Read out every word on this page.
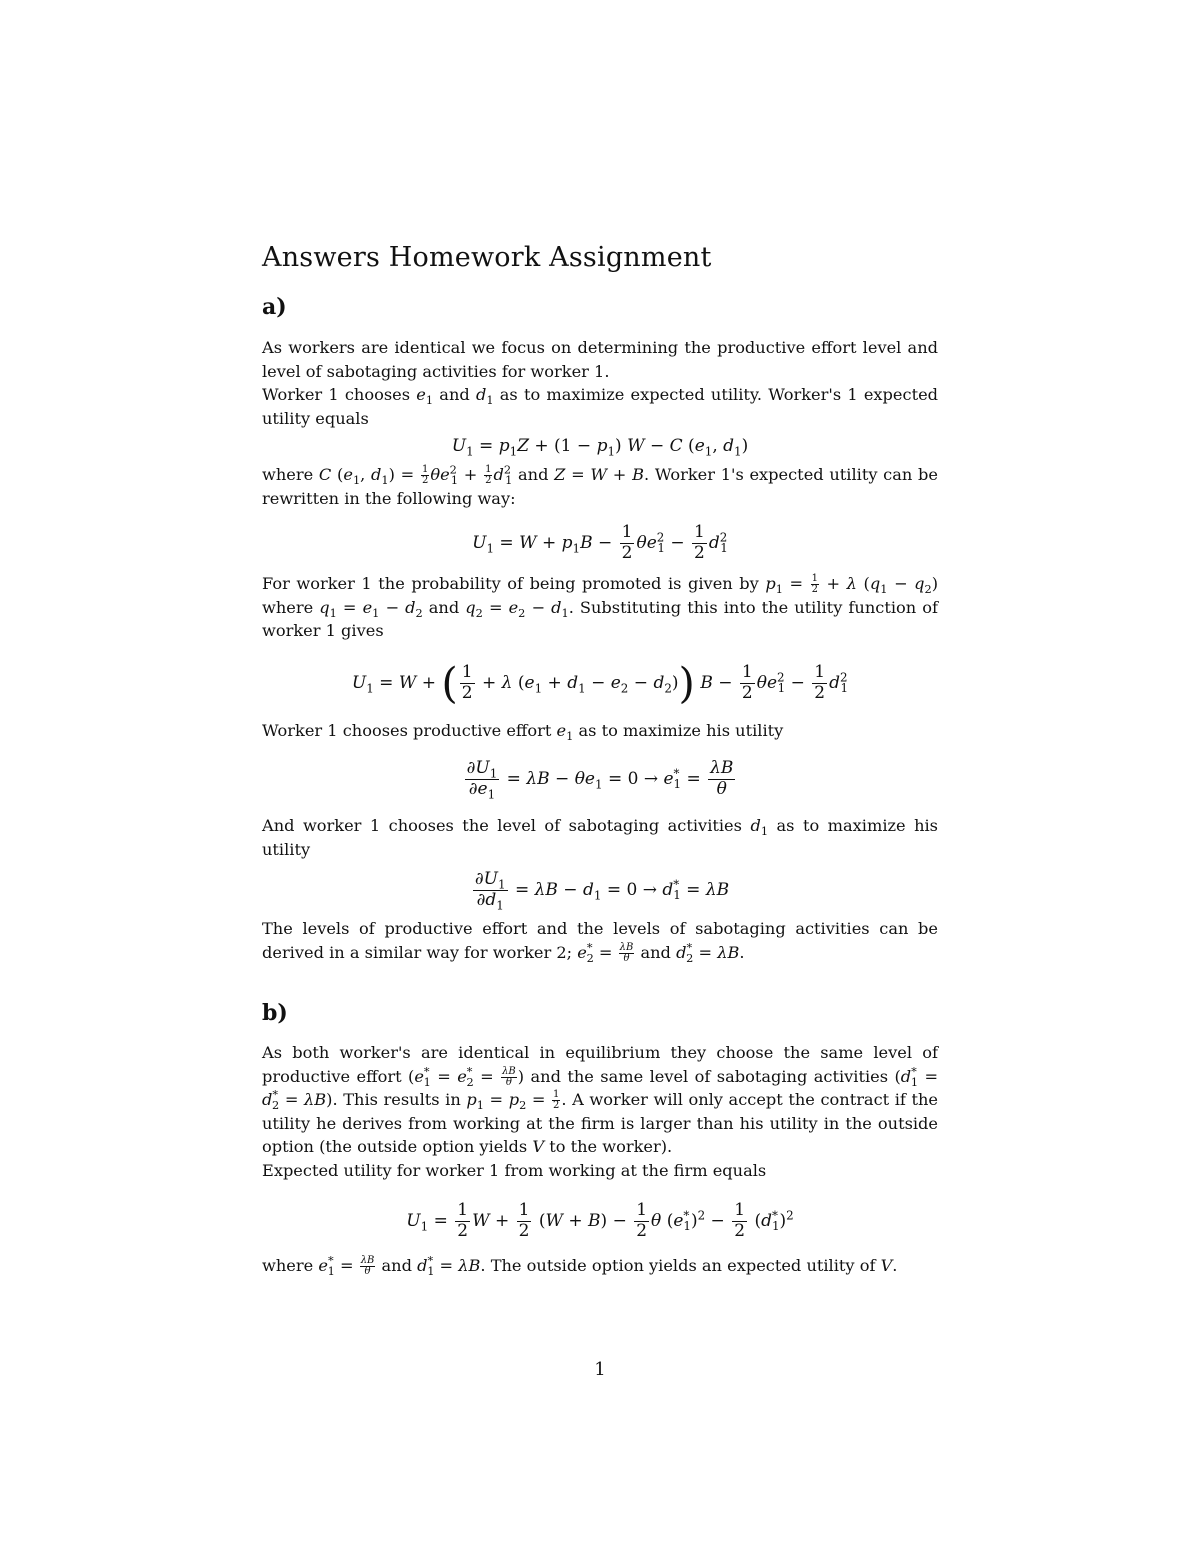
Answers Homework Assignment
a)

As workers are identical we focus on determining the productive effort level and level of sabotaging activities for worker 1.

Worker 1 chooses $e_1$ and $d_1$ as to maximize expected utility. Worker's 1 expected utility equals

$U_1 = p_1Z + (1 - p_1) W - C$ ($e_1$, $d_1$)

where C ($e_1$, $d_1) = \frac{1}{2} \theta e^2_1 + \frac{1}{2} d^2_1$ and Z = W + B. Worker 1's expected utility can be rewritten in the following way:

$U_1 = W + p_1B - \frac{1}{2} \theta e^2_1 - \frac{1}{2} d^2_1$

For worker 1 the probability of being promoted is given by $p_1 = \frac{1}{2} + \lambda$ $(q_1 - q_2)$ where $q_1 = e_1 - d_2$ and $q_2 = e_2 - d_1$. Substituting this into the utility function of worker 1 gives

$U_1 = W$ + ( $\frac{1}{2} + \lambda$ $(e_1 + d_1 - e_2 - d_2)$) $B - \frac{1}{2} \theta e^2_1 - \frac{1}{2} d^2_1$

Worker 1 chooses productive effort $e_1$ as to maximize his utility

$\frac{\partial U_1}{\partial e_1} = \lambda B - \theta e_1 = 0 \to e^*_1 = \frac{\lambda B}{\theta}$

And worker 1 chooses the level of sabotaging activities $d_1$ as to maximize his utility

$\frac{\partial U_1}{\partial d_1} = \lambda B - d_1 = 0 \to d^*_1 = \lambda B$

The levels of productive effort and the levels of sabotaging activities can be derived in a similar way for worker 2; $e^*_2 = \frac{\lambda B}{\theta}$ and $d^*_2 = \lambda B$.

b)

As both worker's are identical in equilibrium they choose the same level of productive effort ($e^*_1 = e^*_2 = \frac{\lambda B}{\theta}$ ) and the same level of sabotaging activities $(d^*_1 = d^*_2 = \lambda B)$. This results in $p_1 = p_2 = \frac{1}{2}$ . A worker will only accept the contract if the utility he derives from working at the firm is larger than his utility in the outside option (the outside option yields V to the worker).

Expected utility for worker 1 from working at the firm equals

$U_1 = \frac{1}{2}$ $W + \frac{1}{2} (W + B) - \frac{1}{2}$ θ $(e^*_1)^2 - \frac{1}{2} (d^*_1)^2$

where $e^*_1 = \frac{\lambda B}{\theta}$ and $d^*_1 = \lambda B$. The outside option yields an expected utility of V.

1
